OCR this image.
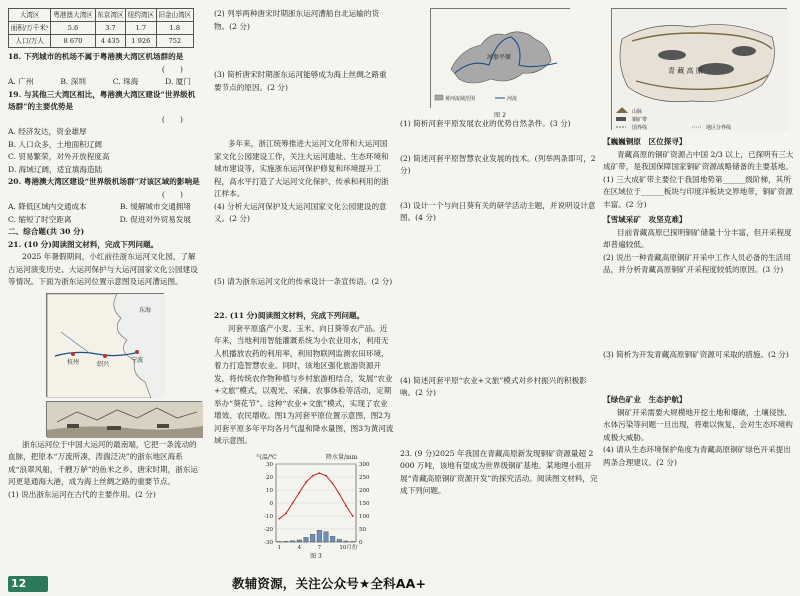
大湾区	粤港澳大湾区	东京湾区	纽约湾区	旧金山湾区
面积/万千米²	5.6	3.7	1.7	1.8
人口/万人	8 670	4 435	1 926	752

18. 下列城市的机场不属于粤港澳大湾区机场群的是

(　　)

A. 广州	B. 深圳	C. 珠海	D. 厦门

19. 与其他三大湾区相比，粤港澳大湾区建设“世界级机场群”的主要优势是

(　　)

A. 经济发达，资金雄厚

B. 人口众多，土地面积辽阔

C. 贸易繁荣，对外开放程度高

D. 海域辽阔，适宜填海造陆

20. 粤港澳大湾区建设“世界级机场群”对该区域的影响是

(　　)

A. 降低区域内交通成本	B. 缓解城市交通拥堵
C. 缩短了时空距离	D. 促进对外贸易发展

二、综合题(共 30 分)

21. (10 分)阅读图文材料，完成下列问题。

2025 年暑假期间，小红前往浙东运河文化园，了解古运河演变历史、大运河保护与大运河国家文化公园建设等情况。下面为浙东运河位置示意图及运河漕运图。

杭州	绍兴
宁波
东海

浙东运河位于中国大运河的最南端，它把一条流动的血脉，把原本“万流所凑，涛湍泛决”的浙东地区海系成“浪翠风船，千艘万舻”的鱼米之乡。唐宋时期，浙东运河更是通海大港，成为海上丝绸之路的重要节点。

(1) 说出浙东运河在古代的主要作用。(2 分)

(2) 列举两种唐宋时期浙东运河漕船自北运输的货物。(2 分)

(3) 简析唐宋时期浙东运河能够成为海上丝绸之路重要节点的原因。(2 分)

多年来，浙江统筹推进大运河文化带和大运河国家文化公园建设工作，关注大运河遗址、生态环境和城市建设等，实施浙东运河保护修复和环境提升工程，高水平打造了大运河文化保护、传承和利用的浙江样本。

(4) 分析大运河保护及大运河国家文化公园建设的意义。(2 分)

(5) 请为浙东运河文化的传承设计一条宣传语。(2 分)

22. (11 分)阅读图文材料，完成下列问题。

河套平原盛产小麦、玉米、向日葵等农产品。近年来，当地利用智能灌溉系统为小农业用水，利用无人机播放农药的利用率，利用物联网监测农田环境，着力打造智慧农业。同时，该地区强化旅游资源开发，将传统农作物种植与乡村旅游相结合，发展“农业+文旅”模式，以观光、采摘、农事体验等活动，定期举办“葵花节”。这种“农业+文旅”模式，实现了农业增效、农民增收。图1为河套平原位置示意图，图2为河套平原多年平均各月气温和降水量图，图3为黄河流域示意图。

气温/℃	降水量/mm
30	300
20	250
10	200
0	150
-10	100
-20	50
-30	0
1	4	7	10月份
图 3
河套平原
黄河流域范围	河流
图 2

(1) 简析河套平原发展农业的优势自然条件。(3 分)

(2) 简述河套平原智慧农业发展的技术。(列举两条即可，2 分)

(3) 设计一个与向日葵有关的研学活动主题，并说明设计意图。(4 分)

(4) 简述河套平原“农业+文旅”模式对乡村振兴的积极影响。(2 分)

23. (9 分)2025 年我国在青藏高原新发现铜矿资源量超 2 000 万吨，该地有望成为世界级铜矿基地。某地理小组开展“青藏高原铜矿资源开发”的探究活动。阅读图文材料，完成下列问题。

青 藏 高 原
山脉
铜矿带
国界线	地区分界线

【巍巍铜原　区位探寻】

青藏高原的铜矿资源占中国 2/3 以上，已探明有三大成矿带，是我国保障国家铜矿资源战略储备的主要基地。

(1) 三大成矿带主要位于我国地势第______级阶梯，其所在区域位于______板块与印度洋板块交界地带，铜矿资源丰富。(2 分)

【雪域采矿　攻坚克难】

目前青藏高原已探明铜矿储量十分丰富，但开采程度却普遍较低。

(2) 说出一种青藏高原铜矿开采中工作人员必备的生活用品，并分析青藏高原铜矿开采程度较低的原因。(3 分)

(3) 简析为开发青藏高原铜矿资源可采取的措施。(2 分)

【绿色矿业　生态护航】

铜矿开采需要大规模地开挖土地和爆破，土壤侵蚀、水体污染等问题一旦出现，将难以恢复，会对生态环境构成极大威胁。

(4) 请从生态环境保护角度为青藏高原铜矿绿色开采提出两条合理建议。(2 分)

12	教辅资源，关注公众号★全科AA+
